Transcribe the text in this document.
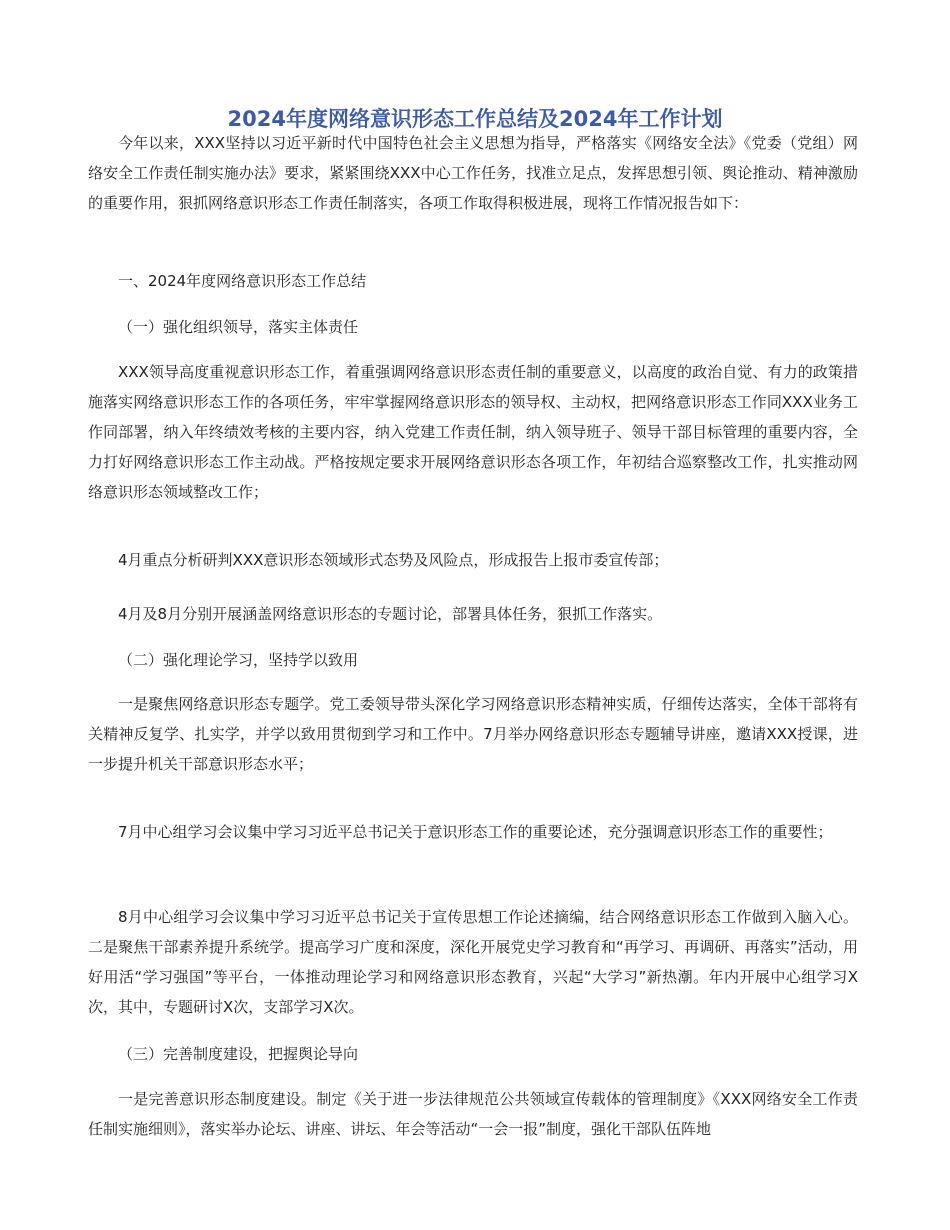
2024年度网络意识形态工作总结及2024年工作计划
今年以来，XXX坚持以习近平新时代中国特色社会主义思想为指导，严格落实《网络安全法》《党委（党组）网络安全工作责任制实施办法》要求，紧紧围绕XXX中心工作任务，找准立足点，发挥思想引领、舆论推动、精神激励的重要作用，狠抓网络意识形态工作责任制落实，各项工作取得积极进展，现将工作情况报告如下：
一、2024年度网络意识形态工作总结
（一）强化组织领导，落实主体责任
XXX领导高度重视意识形态工作，着重强调网络意识形态责任制的重要意义，以高度的政治自觉、有力的政策措施落实网络意识形态工作的各项任务，牢牢掌握网络意识形态的领导权、主动权，把网络意识形态工作同XXX业务工作同部署，纳入年终绩效考核的主要内容，纳入党建工作责任制，纳入领导班子、领导干部目标管理的重要内容，全力打好网络意识形态工作主动战。严格按规定要求开展网络意识形态各项工作，年初结合巡察整改工作，扎实推动网络意识形态领域整改工作；
4月重点分析研判XXX意识形态领域形式态势及风险点，形成报告上报市委宣传部；
4月及8月分别开展涵盖网络意识形态的专题讨论，部署具体任务，狠抓工作落实。
（二）强化理论学习，坚持学以致用
一是聚焦网络意识形态专题学。党工委领导带头深化学习网络意识形态精神实质，仔细传达落实，全体干部将有关精神反复学、扎实学，并学以致用贯彻到学习和工作中。7月举办网络意识形态专题辅导讲座，邀请XXX授课，进一步提升机关干部意识形态水平；
7月中心组学习会议集中学习习近平总书记关于意识形态工作的重要论述，充分强调意识形态工作的重要性；
8月中心组学习会议集中学习习近平总书记关于宣传思想工作论述摘编，结合网络意识形态工作做到入脑入心。二是聚焦干部素养提升系统学。提高学习广度和深度，深化开展党史学习教育和“再学习、再调研、再落实”活动，用好用活“学习强国”等平台，一体推动理论学习和网络意识形态教育，兴起“大学习”新热潮。年内开展中心组学习X次，其中，专题研讨X次，支部学习X次。
（三）完善制度建设，把握舆论导向
一是完善意识形态制度建设。制定《关于进一步法律规范公共领域宣传载体的管理制度》《XXX网络安全工作责任制实施细则》，落实举办论坛、讲座、讲坛、年会等活动“一会一报”制度，强化干部队伍阵地
